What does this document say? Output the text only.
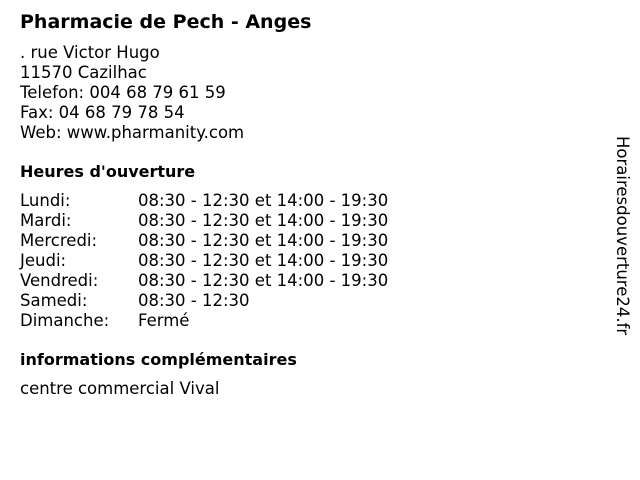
Pharmacie de Pech - Anges
. rue Victor Hugo
11570 Cazilhac
Telefon: 004 68 79 61 59
Fax: 04 68 79 78 54
Web: www.pharmanity.com
Heures d'ouverture
Lundi:	08:30 - 12:30 et 14:00 - 19:30
Mardi:	08:30 - 12:30 et 14:00 - 19:30
Mercredi:	08:30 - 12:30 et 14:00 - 19:30
Jeudi:	08:30 - 12:30 et 14:00 - 19:30
Vendredi:	08:30 - 12:30 et 14:00 - 19:30
Samedi:	08:30 - 12:30
Dimanche:	Fermé
informations complémentaires
centre commercial Vival
Horairesdouverture24.fr
